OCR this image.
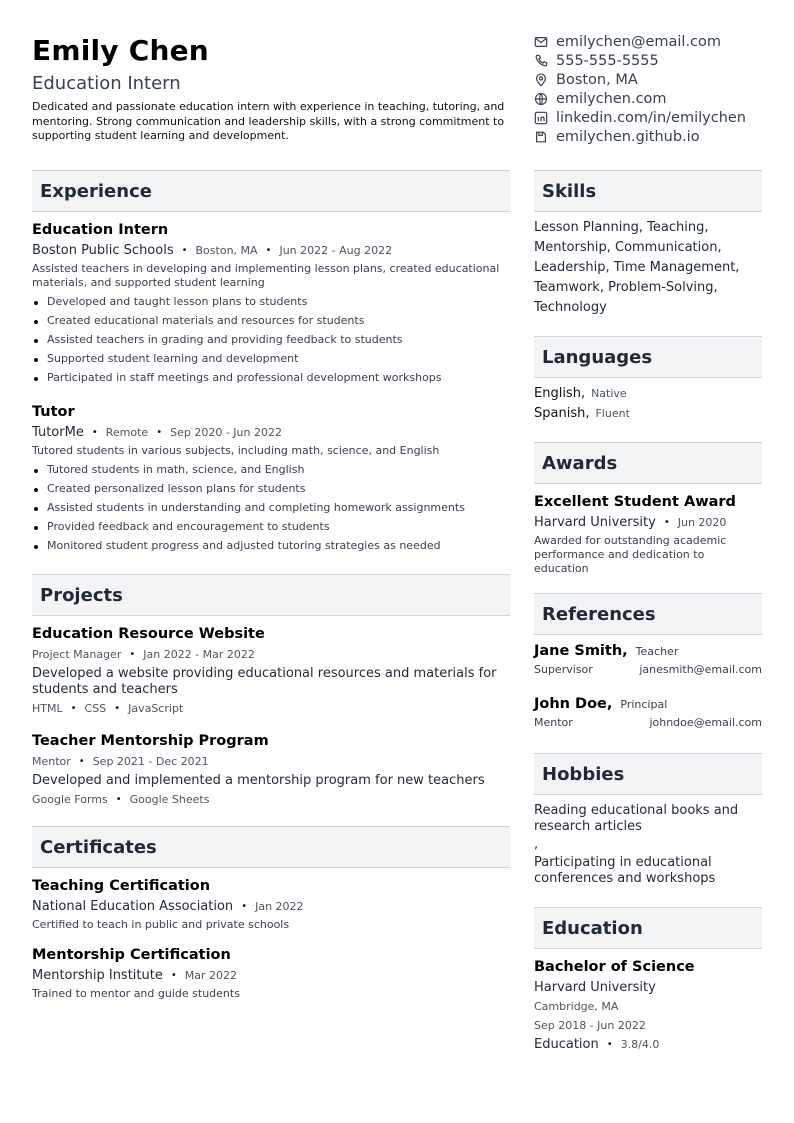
Emily Chen
Education Intern
Dedicated and passionate education intern with experience in teaching, tutoring, and mentoring. Strong communication and leadership skills, with a strong commitment to supporting student learning and development.
emilychen@email.com
555-555-5555
Boston, MA
emilychen.com
linkedin.com/in/emilychen
emilychen.github.io
Experience
Education Intern
Boston Public Schools • Boston, MA • Jun 2022 - Aug 2022
Assisted teachers in developing and implementing lesson plans, created educational materials, and supported student learning
Developed and taught lesson plans to students
Created educational materials and resources for students
Assisted teachers in grading and providing feedback to students
Supported student learning and development
Participated in staff meetings and professional development workshops
Tutor
TutorMe • Remote • Sep 2020 - Jun 2022
Tutored students in various subjects, including math, science, and English
Tutored students in math, science, and English
Created personalized lesson plans for students
Assisted students in understanding and completing homework assignments
Provided feedback and encouragement to students
Monitored student progress and adjusted tutoring strategies as needed
Projects
Education Resource Website
Project Manager • Jan 2022 - Mar 2022
Developed a website providing educational resources and materials for students and teachers
HTML • CSS • JavaScript
Teacher Mentorship Program
Mentor • Sep 2021 - Dec 2021
Developed and implemented a mentorship program for new teachers
Google Forms • Google Sheets
Certificates
Teaching Certification
National Education Association • Jan 2022
Certified to teach in public and private schools
Mentorship Certification
Mentorship Institute • Mar 2022
Trained to mentor and guide students
Skills
Lesson Planning, Teaching,
Mentorship, Communication,
Leadership, Time Management,
Teamwork, Problem-Solving,
Technology
Languages
English, Native
Spanish, Fluent
Awards
Excellent Student Award
Harvard University • Jun 2020
Awarded for outstanding academic performance and dedication to education
References
Jane Smith, Teacher
Supervisor	janesmith@email.com
John Doe, Principal
Mentor	johndoe@email.com
Hobbies
Reading educational books and research articles
,
Participating in educational conferences and workshops
Education
Bachelor of Science
Harvard University
Cambridge, MA
Sep 2018 - Jun 2022
Education • 3.8/4.0
